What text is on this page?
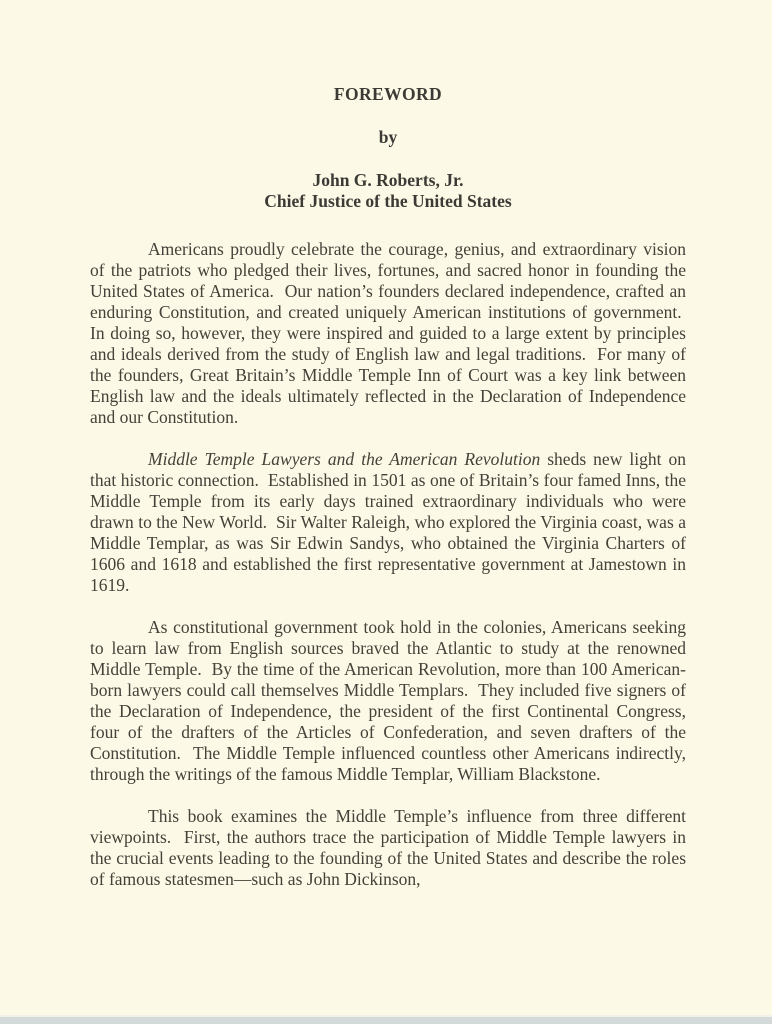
FOREWORD
by
John G. Roberts, Jr.
Chief Justice of the United States

Americans proudly celebrate the courage, genius, and extraordinary vision of the patriots who pledged their lives, fortunes, and sacred honor in founding the United States of America.  Our nation’s founders declared independence, crafted an enduring Constitution, and created uniquely American institutions of government.  In doing so, however, they were inspired and guided to a large extent by principles and ideals derived from the study of English law and legal traditions.  For many of the founders, Great Britain’s Middle Temple Inn of Court was a key link between English law and the ideals ultimately reflected in the Declaration of Independence and our Constitution.

Middle Temple Lawyers and the American Revolution sheds new light on that historic connection.  Established in 1501 as one of Britain’s four famed Inns, the Middle Temple from its early days trained extraordinary individuals who were drawn to the New World.  Sir Walter Raleigh, who explored the Virginia coast, was a Middle Templar, as was Sir Edwin Sandys, who obtained the Virginia Charters of 1606 and 1618 and established the first representative government at Jamestown in 1619.

As constitutional government took hold in the colonies, Americans seeking to learn law from English sources braved the Atlantic to study at the renowned Middle Temple.  By the time of the American Revolution, more than 100 American-born lawyers could call themselves Middle Templars.  They included five signers of the Declaration of Independence, the president of the first Continental Congress, four of the drafters of the Articles of Confederation, and seven drafters of the Constitution.  The Middle Temple influenced countless other Americans indirectly, through the writings of the famous Middle Templar, William Blackstone.

This book examines the Middle Temple’s influence from three different viewpoints.  First, the authors trace the participation of Middle Temple lawyers in the crucial events leading to the founding of the United States and describe the roles of famous statesmen—such as John Dickinson,
